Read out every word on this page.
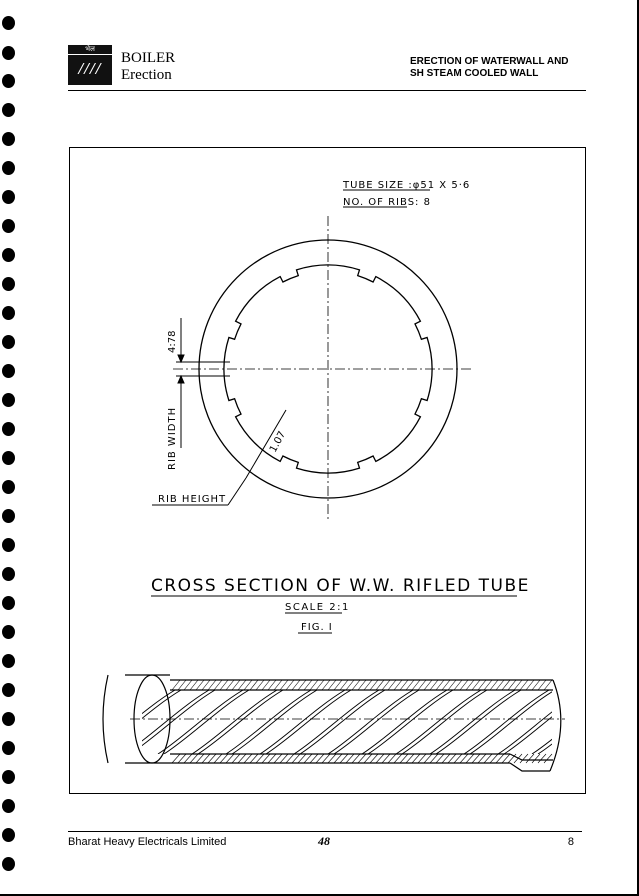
भेल
////
BOILER
Erection
ERECTION OF WATERWALL AND
SH STEAM COOLED WALL
TUBE SIZE :φ51 X 5·6
NO. OF RIBS: 8
RIB WIDTH
4:78
1.07
RIB HEIGHT
CROSS SECTION OF W.W. RIFLED TUBE
SCALE 2:1
FIG. I
Bharat Heavy Electricals Limited	48	8
